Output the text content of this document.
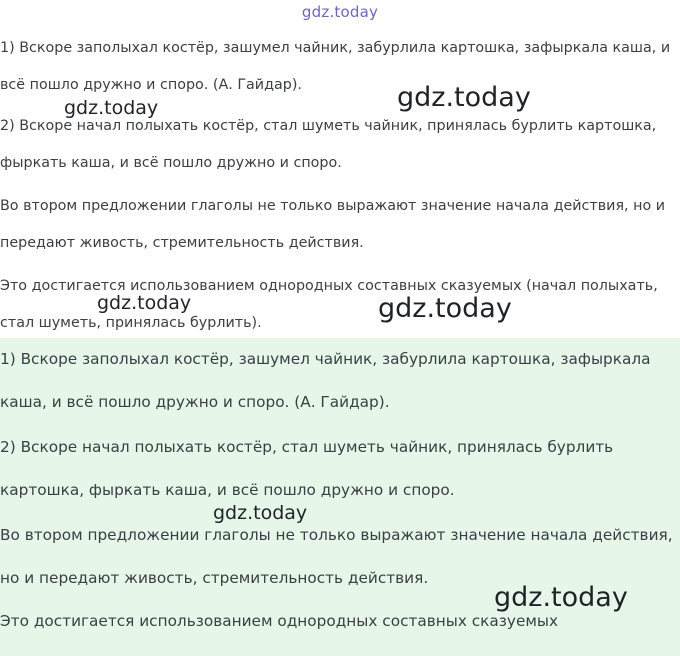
1) Вскоре заполыхал костёр, зашумел чайник, забурлила картошка, зафыркала каша, и всё пошло дружно и споро. (А. Гайдар).

2) Вскоре начал полыхать костёр, стал шуметь чайник, принялась бурлить картошка, фыркать каша, и всё пошло дружно и споро.

Во втором предложении глаголы не только выражают значение начала действия, но и передают живость, стремительность действия.

Это достигается использованием однородных составных сказуемых (начал полыхать, стал шуметь, принялась бурлить).

1) Вскоре заполыхал костёр, зашумел чайник, забурлила картошка, зафыркала каша, и всё пошло дружно и споро. (А. Гайдар).

2) Вскоре начал полыхать костёр, стал шуметь чайник, принялась бурлить картошка, фыркать каша, и всё пошло дружно и споро.

Во втором предложении глаголы не только выражают значение начала действия, но и передают живость, стремительность действия.

Это достигается использованием однородных составных сказуемых

gdz.today
gdz.today	gdz.today
gdz.today	gdz.today
gdz.today
gdz.today
